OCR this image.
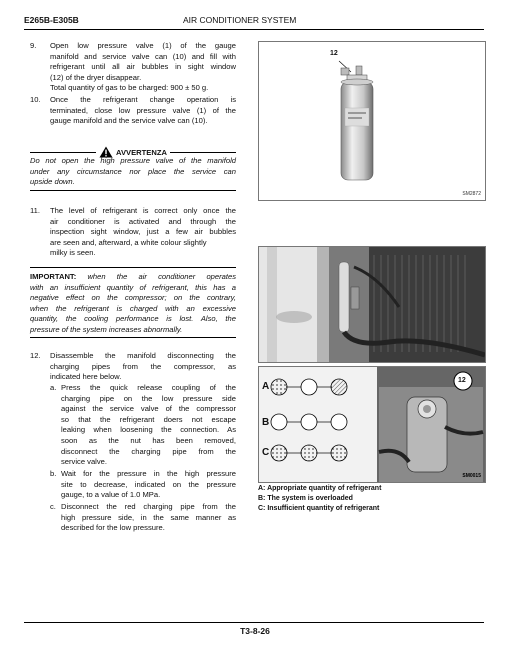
E265B-E305B	AIR CONDITIONER SYSTEM
9. Open low pressure valve (1) of the gauge
manifold and service valve can (10) and fill with
refrigerant until all air bubbles in sight window
(12) of the dryer disappear.
Total quantity of gas to be charged: 900 ± 50 g.
10. Once the refrigerant change operation is
terminated, close low pressure valve (1) of the
gauge manifold and the service valve can (10).
AVVERTENZA
Do not open the high pressure valve of the manifold
under any circumstance nor place the service can
upside down.
12
SM2872
11. The level of refrigerant is correct only once the
air conditioner is activated and through the
inspection sight window, just a few air bubbles
are seen and, afterward, a white colour slightly
milky is seen.
IMPORTANT: when the air conditioner operates
with an insufficient quantity of refrigerant, this has a
negative effect on the compressor; on the contrary,
when the refrigerant is charged with an excessive
quantity, the cooling performance is lost. Also, the
pressure of the system increases abnormally.
12. Disassemble the manifold disconnecting the
charging pipes from the compressor, as
indicated here below.
a. Press the quick release coupling of the
charging pipe on the low pressure side
against the service valve of the compressor
so that the refrigerant doers not escape
leaking when loosening the connection. As
soon as the nut has been removed,
disconnect the charging pipe from the
service valve.
b. Wait for the pressure in the high pressure
site to decrease, indicated on the pressure
gauge, to a value of 1.0 MPa.
c. Disconnect the red charging pipe from the
high pressure side, in the same manner as
described for the low pressure.
12
A
B
C
SM0015
A: Appropriate quantity of refrigerant
B: The system is overloaded
C: Insufficient quantity of refrigerant
T3-8-26
